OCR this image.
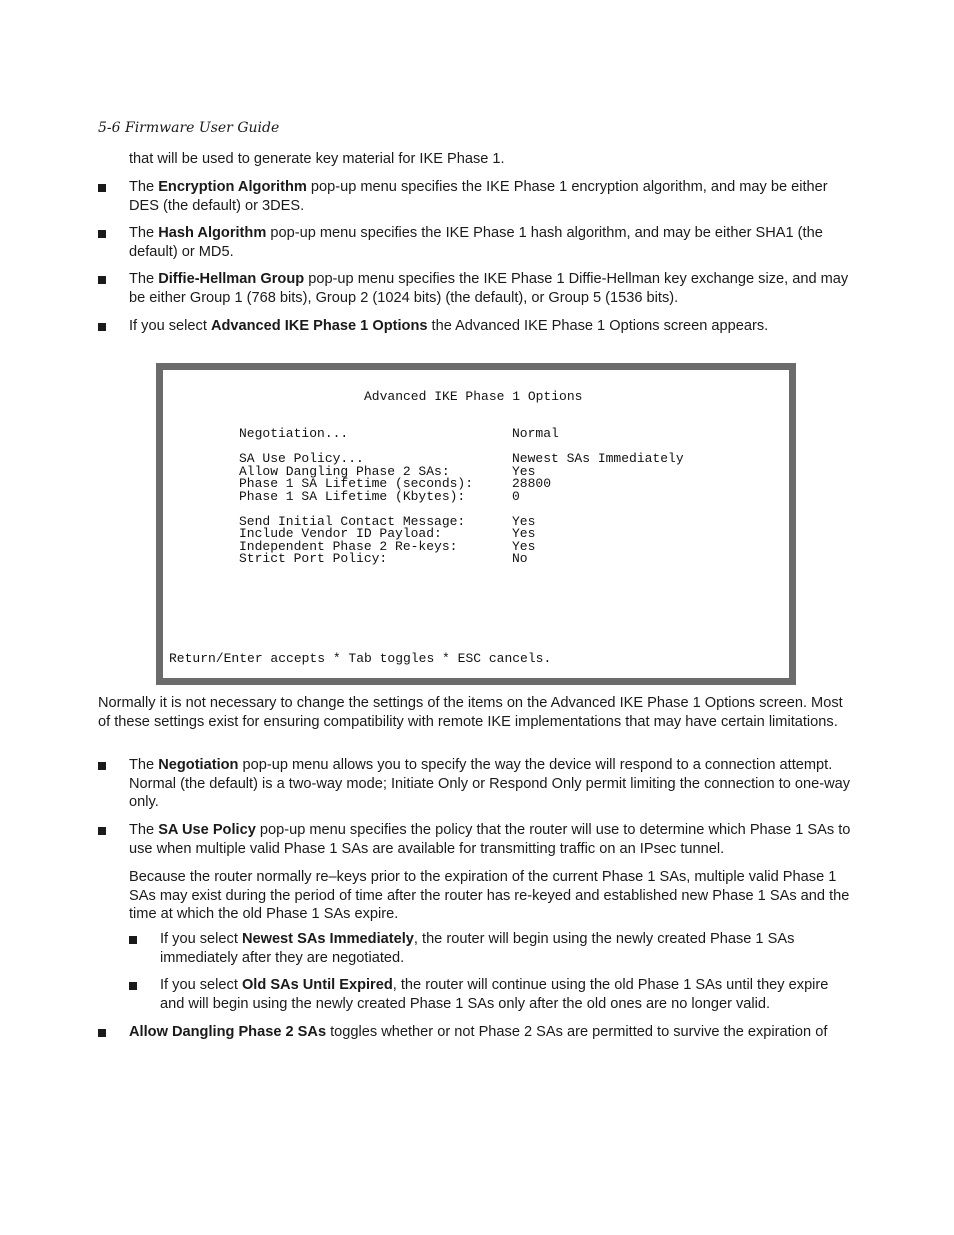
5-6 Firmware User Guide
that will be used to generate key material for IKE Phase 1.
The Encryption Algorithm pop-up menu specifies the IKE Phase 1 encryption algorithm, and may be either DES (the default) or 3DES.
The Hash Algorithm pop-up menu specifies the IKE Phase 1 hash algorithm, and may be either SHA1 (the default) or MD5.
The Diffie-Hellman Group pop-up menu specifies the IKE Phase 1 Diffie-Hellman key exchange size, and may be either Group 1 (768 bits), Group 2 (1024 bits) (the default), or Group 5 (1536 bits).
If you select Advanced IKE Phase 1 Options the Advanced IKE Phase 1 Options screen appears.
Advanced IKE Phase 1 Options
Negotiation...	Normal
SA Use Policy...	Newest SAs Immediately
Allow Dangling Phase 2 SAs:	Yes
Phase 1 SA Lifetime (seconds):	28800
Phase 1 SA Lifetime (Kbytes):	0
Send Initial Contact Message:	Yes
Include Vendor ID Payload:	Yes
Independent Phase 2 Re-keys:	Yes
Strict Port Policy:	No
Return/Enter accepts * Tab toggles * ESC cancels.
Normally it is not necessary to change the settings of the items on the Advanced IKE Phase 1 Options screen. Most of these settings exist for ensuring compatibility with remote IKE implementations that may have certain limitations.
The Negotiation pop-up menu allows you to specify the way the device will respond to a connection attempt. Normal (the default) is a two-way mode; Initiate Only or Respond Only permit limiting the connection to one-way only.
The SA Use Policy pop-up menu specifies the policy that the router will use to determine which Phase 1 SAs to use when multiple valid Phase 1 SAs are available for transmitting traffic on an IPsec tunnel.
Because the router normally re–keys prior to the expiration of the current Phase 1 SAs, multiple valid Phase 1 SAs may exist during the period of time after the router has re-keyed and established new Phase 1 SAs and the time at which the old Phase 1 SAs expire.
If you select Newest SAs Immediately, the router will begin using the newly created Phase 1 SAs immediately after they are negotiated.
If you select Old SAs Until Expired, the router will continue using the old Phase 1 SAs until they expire and will begin using the newly created Phase 1 SAs only after the old ones are no longer valid.
Allow Dangling Phase 2 SAs toggles whether or not Phase 2 SAs are permitted to survive the expiration of
